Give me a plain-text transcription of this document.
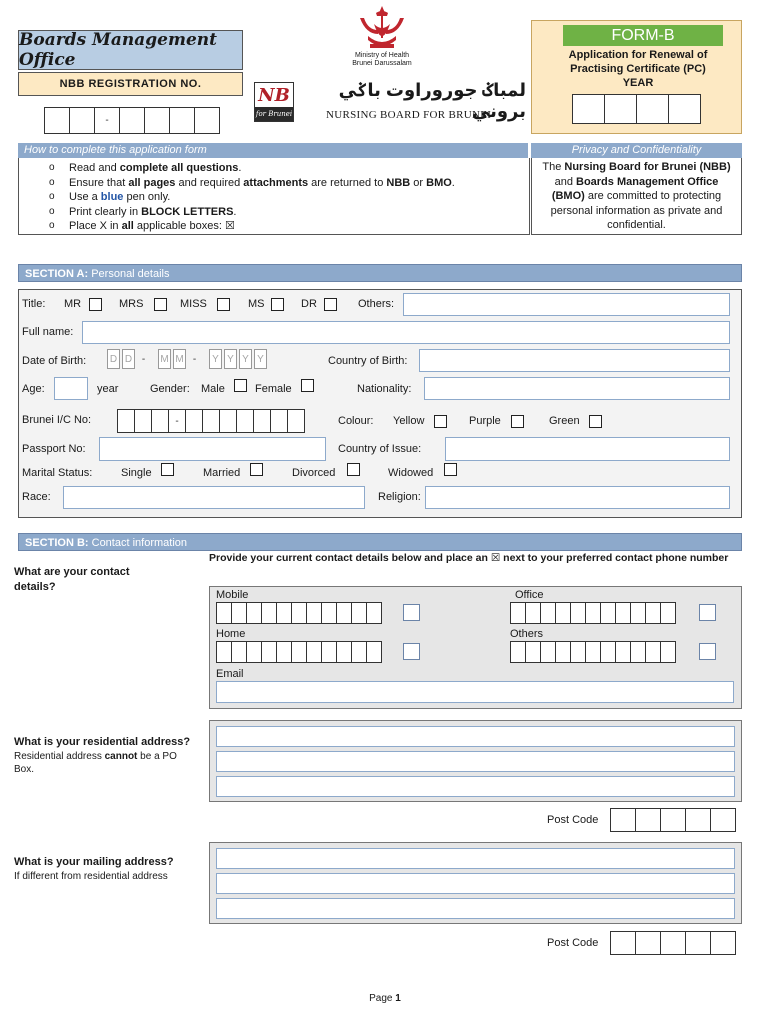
Boards Management Office
NBB REGISTRATION NO.
-
Ministry of Health
Brunei Darussalam
NB
for Brunei
لمباݢ جوروراوت باݢي بروني
NURSING BOARD FOR BRUNEI
FORM-B
Application for Renewal of Practising Certificate (PC)
YEAR
How to complete this application form	Privacy and Confidentiality
o Read and complete all questions.
o Ensure that all pages and required attachments are returned to NBB or BMO.
o Use a blue pen only.
o Print clearly in BLOCK LETTERS.
o Place X in all applicable boxes: ☒
The Nursing Board for Brunei (NBB) and Boards Management Office (BMO) are committed to protecting personal information as private and confidential.
SECTION A: Personal details
Title: MR	MRS	MISS	MS	DR	Others:
Full name:
Date of Birth: D D -	M M -	Y Y Y Y	Country of Birth:
Age:	year	Gender: Male	Female	Nationality:
Brunei I/C No:	-	Colour: Yellow	Purple	Green
Passport No:	Country of Issue:
Marital Status:	Single	Married	Divorced	Widowed
Race:	Religion:
SECTION B: Contact information
What are your contact details?
Provide your current contact details below and place an ☒ next to your preferred contact phone number
Mobile	Office
Home	Others
Email
What is your residential address?
Residential address cannot be a PO Box.
Post Code
What is your mailing address?
If different from residential address
Post Code
Page 1
